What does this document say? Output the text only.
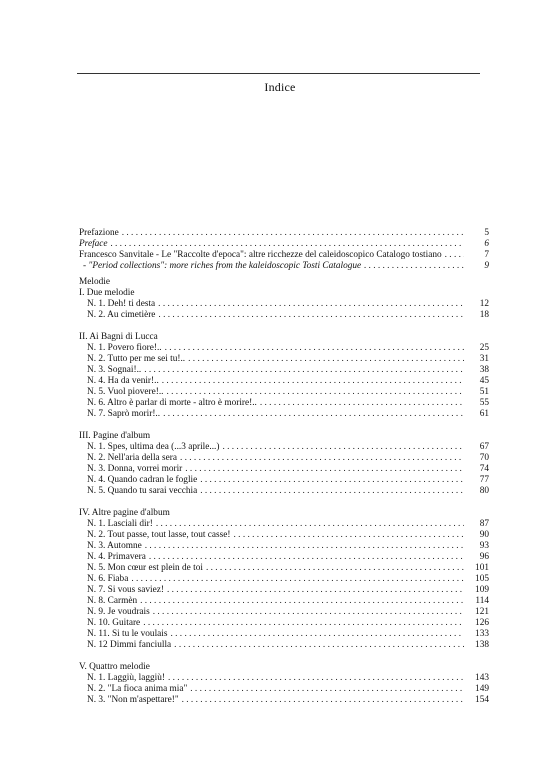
Indice
Prefazione . . .	5
Preface . . .	6
Francesco Sanvitale - Le "Raccolte d'epoca": altre ricchezze del caleidoscopico Catalogo tostiano . . .	7
- "Period collections": more riches from the kaleidoscopic Tosti Catalogue . . .	9
Melodie
I. Due melodie
N. 1. Deh! ti desta . . .	12
N. 2. Au cimetière . . .	18
II. Ai Bagni di Lucca
N. 1. Povero fiore!.. . . .	25
N. 2. Tutto per me sei tu!.. . . .	31
N. 3. Sognai!.. . . .	38
N. 4. Ha da venir!.. . . .	45
N. 5. Vuol piovere!.. . . .	51
N. 6. Altro è parlar di morte - altro è morire!.. . . .	55
N. 7. Saprò morir!.. . . .	61
III. Pagine d'album
N. 1. Spes, ultima dea (...3 aprile...) . . .	67
N. 2. Nell'aria della sera . . .	70
N. 3. Donna, vorrei morir . . .	74
N. 4. Quando cadran le foglie . . .	77
N. 5. Quando tu sarai vecchia . . .	80
IV. Altre pagine d'album
N. 1. Lasciali dir! . . .	87
N. 2. Tout passe, tout lasse, tout casse! . . .	90
N. 3. Automne . . .	93
N. 4. Primavera . . .	96
N. 5. Mon cœur est plein de toi . . .	101
N. 6. Fiaba . . .	105
N. 7. Si vous saviez! . . .	109
N. 8. Carmèn . . .	114
N. 9. Je voudrais . . .	121
N. 10. Guitare . . .	126
N. 11. Si tu le voulais . . .	133
N. 12 Dimmi fanciulla . . .	138
V. Quattro melodie
N. 1. Laggiù, laggiù! . . .	143
N. 2. "La fioca anima mia" . . .	149
N. 3. "Non m'aspettare!" . . .	154
